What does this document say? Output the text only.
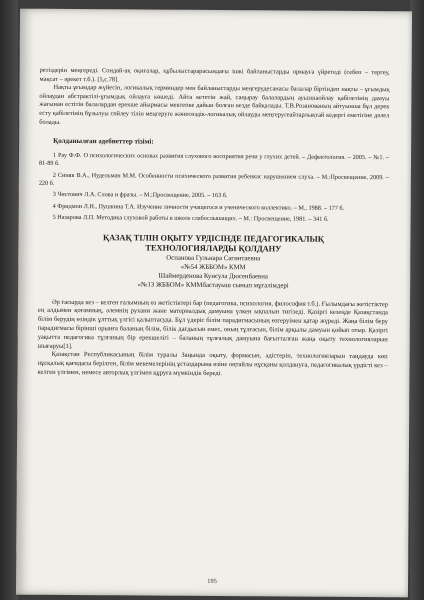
ретіздерін меңгереді. Сондай-ақ оқиғалар, құбылыстарарасындағы ішкі байланыстарды ормауға үйретеді (себеп – тергеу, мақсат – әрекет т.б.). [5,с.78].

Нақты ұғымдар жүйесін, логикалық терминдер мен байланыстарды меңгерудесанасы балалар біртіндеп нақты – ұғымдық ойлаудан абстрактілі-ұғымдық ойлауға көшеді. Айта кететін жай, саңырау балалардың ауызшаойлау қабілетінің дамуы жағынан естітін балалардан ерекше айырмасы мектепке дайын болған кезде байқалады. Т.В.Розанованың айтуынша бұл дерек есту қабілетінің бұзылуы сөйлеу тілін меңгеруге жәнесөздік-логикалық ойлауды меңгеругеайтарлықтай кедергі еметігіне дәлел болады.

Қолданылған әдебиеттер тізімі:

1 Рау Ф.Ф. О психологических основах развития слухового восприятия речи у глухих детей. – Дефектология. – 2005. – №1. – 81-89 б.

2 Синяк В.А., Нудельман М.М. Особенности психического развития ребенкас нарушением слуха. – М.:Просвещение, 2009. – 220 б.

3 Чистович Л.А. Слова и фразы. – М.:Просвещение, 2005. – 163 б.

4 Фридмон Л.Н., Пушкина Т.А. Изучение личности учащегося и ученического коллектико. – М., 1988. – 177 б.

5 Назарова Л.П. Методика слуховой работы в школе слабослышащих. – М.: Просвещение, 1981. – 341 б.

ҚАЗАҚ ТІЛІН ОҚЫТУ ҮРДІСІНДЕ ПЕДАГОГИКАЛЫҚ
ТЕХНОЛОГИЯЛАРДЫ ҚОЛДАНУ
Оспанова Гульнара Сагинтаевна
«№54 ЖББОМ» КММ
Шаймерденова Кунсула Дюсенбаевна
«№13 ЖББОМ» КММбастауыш сынып мұғалімдері

Әр ғасырда кез – келген ғалымның өз жетістіктері бар (педагогика, психология, философия т.б.). Ғылымдағы жетістіктер ең алдымен қоғамның, әлемнің рухани және материалдық дамуына үлкен ықпалын тигізеді. Қазіргі кезеңде Қазақстанда білім берудің өзіндік ұлттық үлгісі қалыптасуда. Бұл үдеріс білім парадигмасының өзгеруімен қатар жүреді. Жаңа білім беру парадигмасы бірінші орынға баланың білім, білік дағдысын емес, оның тұлғасын, білім арқылы дамуын қойып отыр. Қазіргі уақытта педагогика тұлғаның бір ерекшелігі – баланың тұлғалық дамуына бағытталған жаңа оқыту технологияларын шығаруы[1].

Қазақстан Республикасының білім туралы Заңында оқыту, формасын, әдістерін, технологияларын таңдауда көп нұсқалық қағидасы берілген, білім мекемелерінің ұстаздарына өзіне оңтайлы нұсқаны қолдануға, педагогикалық үрдісті кез – келген үлгімен, немесе авторлық үлгімен құруға мүмкіндік береді.

195
